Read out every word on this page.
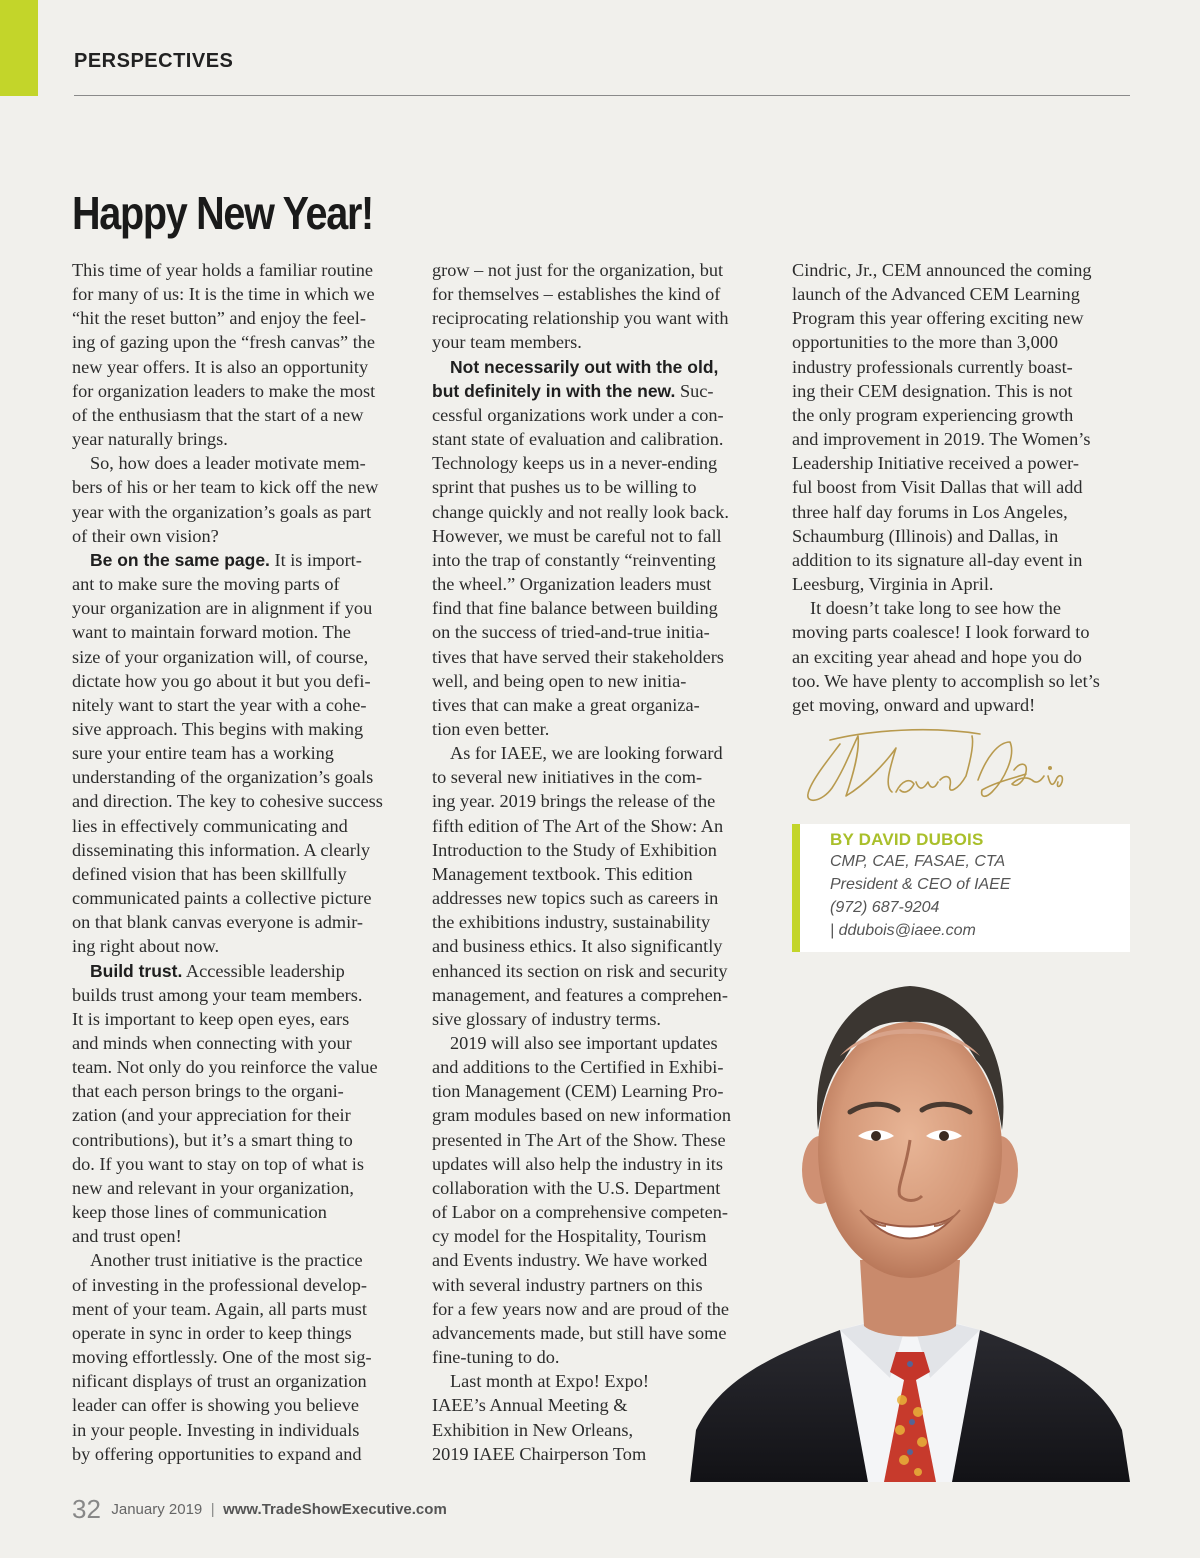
PERSPECTIVES
Happy New Year!

This time of year holds a familiar routine
for many of us: It is the time in which we
“hit the reset button” and enjoy the feel-
ing of gazing upon the “fresh canvas” the
new year offers. It is also an opportunity
for organization leaders to make the most
of the enthusiasm that the start of a new
year naturally brings.

So, how does a leader motivate mem-
bers of his or her team to kick off the new
year with the organization’s goals as part
of their own vision?

Be on the same page. It is import-
ant to make sure the moving parts of
your organization are in alignment if you
want to maintain forward motion. The
size of your organization will, of course,
dictate how you go about it but you defi-
nitely want to start the year with a cohe-
sive approach. This begins with making
sure your entire team has a working
understanding of the organization’s goals
and direction. The key to cohesive success
lies in effectively communicating and
disseminating this information. A clearly
defined vision that has been skillfully
communicated paints a collective picture
on that blank canvas everyone is admir-
ing right about now.

Build trust. Accessible leadership
builds trust among your team members.
It is important to keep open eyes, ears
and minds when connecting with your
team. Not only do you reinforce the value
that each person brings to the organi-
zation (and your appreciation for their
contributions), but it’s a smart thing to
do. If you want to stay on top of what is
new and relevant in your organization,
keep those lines of communication
and trust open!

Another trust initiative is the practice
of investing in the professional develop-
ment of your team. Again, all parts must
operate in sync in order to keep things
moving effortlessly. One of the most sig-
nificant displays of trust an organization
leader can offer is showing you believe
in your people. Investing in individuals
by offering opportunities to expand and

grow – not just for the organization, but
for themselves – establishes the kind of
reciprocating relationship you want with
your team members.

Not necessarily out with the old,
but definitely in with the new. Suc-
cessful organizations work under a con-
stant state of evaluation and calibration.
Technology keeps us in a never-ending
sprint that pushes us to be willing to
change quickly and not really look back.
However, we must be careful not to fall
into the trap of constantly “reinventing
the wheel.” Organization leaders must
find that fine balance between building
on the success of tried-and-true initia-
tives that have served their stakeholders
well, and being open to new initia-
tives that can make a great organiza-
tion even better.

As for IAEE, we are looking forward
to several new initiatives in the com-
ing year. 2019 brings the release of the
fifth edition of The Art of the Show: An
Introduction to the Study of Exhibition
Management textbook. This edition
addresses new topics such as careers in
the exhibitions industry, sustainability
and business ethics. It also significantly
enhanced its section on risk and security
management, and features a comprehen-
sive glossary of industry terms.

2019 will also see important updates
and additions to the Certified in Exhibi-
tion Management (CEM) Learning Pro-
gram modules based on new information
presented in The Art of the Show. These
updates will also help the industry in its
collaboration with the U.S. Department
of Labor on a comprehensive competen-
cy model for the Hospitality, Tourism
and Events industry. We have worked
with several industry partners on this
for a few years now and are proud of the
advancements made, but still have some
fine-tuning to do.

Last month at Expo! Expo!
IAEE’s Annual Meeting &
Exhibition in New Orleans,
2019 IAEE Chairperson Tom

Cindric, Jr., CEM announced the coming
launch of the Advanced CEM Learning
Program this year offering exciting new
opportunities to the more than 3,000
industry professionals currently boast-
ing their CEM designation. This is not
the only program experiencing growth
and improvement in 2019. The Women’s
Leadership Initiative received a power-
ful boost from Visit Dallas that will add
three half day forums in Los Angeles,
Schaumburg (Illinois) and Dallas, in
addition to its signature all-day event in
Leesburg, Virginia in April.

It doesn’t take long to see how the
moving parts coalesce! I look forward to
an exciting year ahead and hope you do
too. We have plenty to accomplish so let’s
get moving, onward and upward!

BY DAVID DUBOIS
CMP, CAE, FASAE, CTA
President & CEO of IAEE
(972) 687-9204
| ddubois@iaee.com
32 January 2019 | www.TradeShowExecutive.com
